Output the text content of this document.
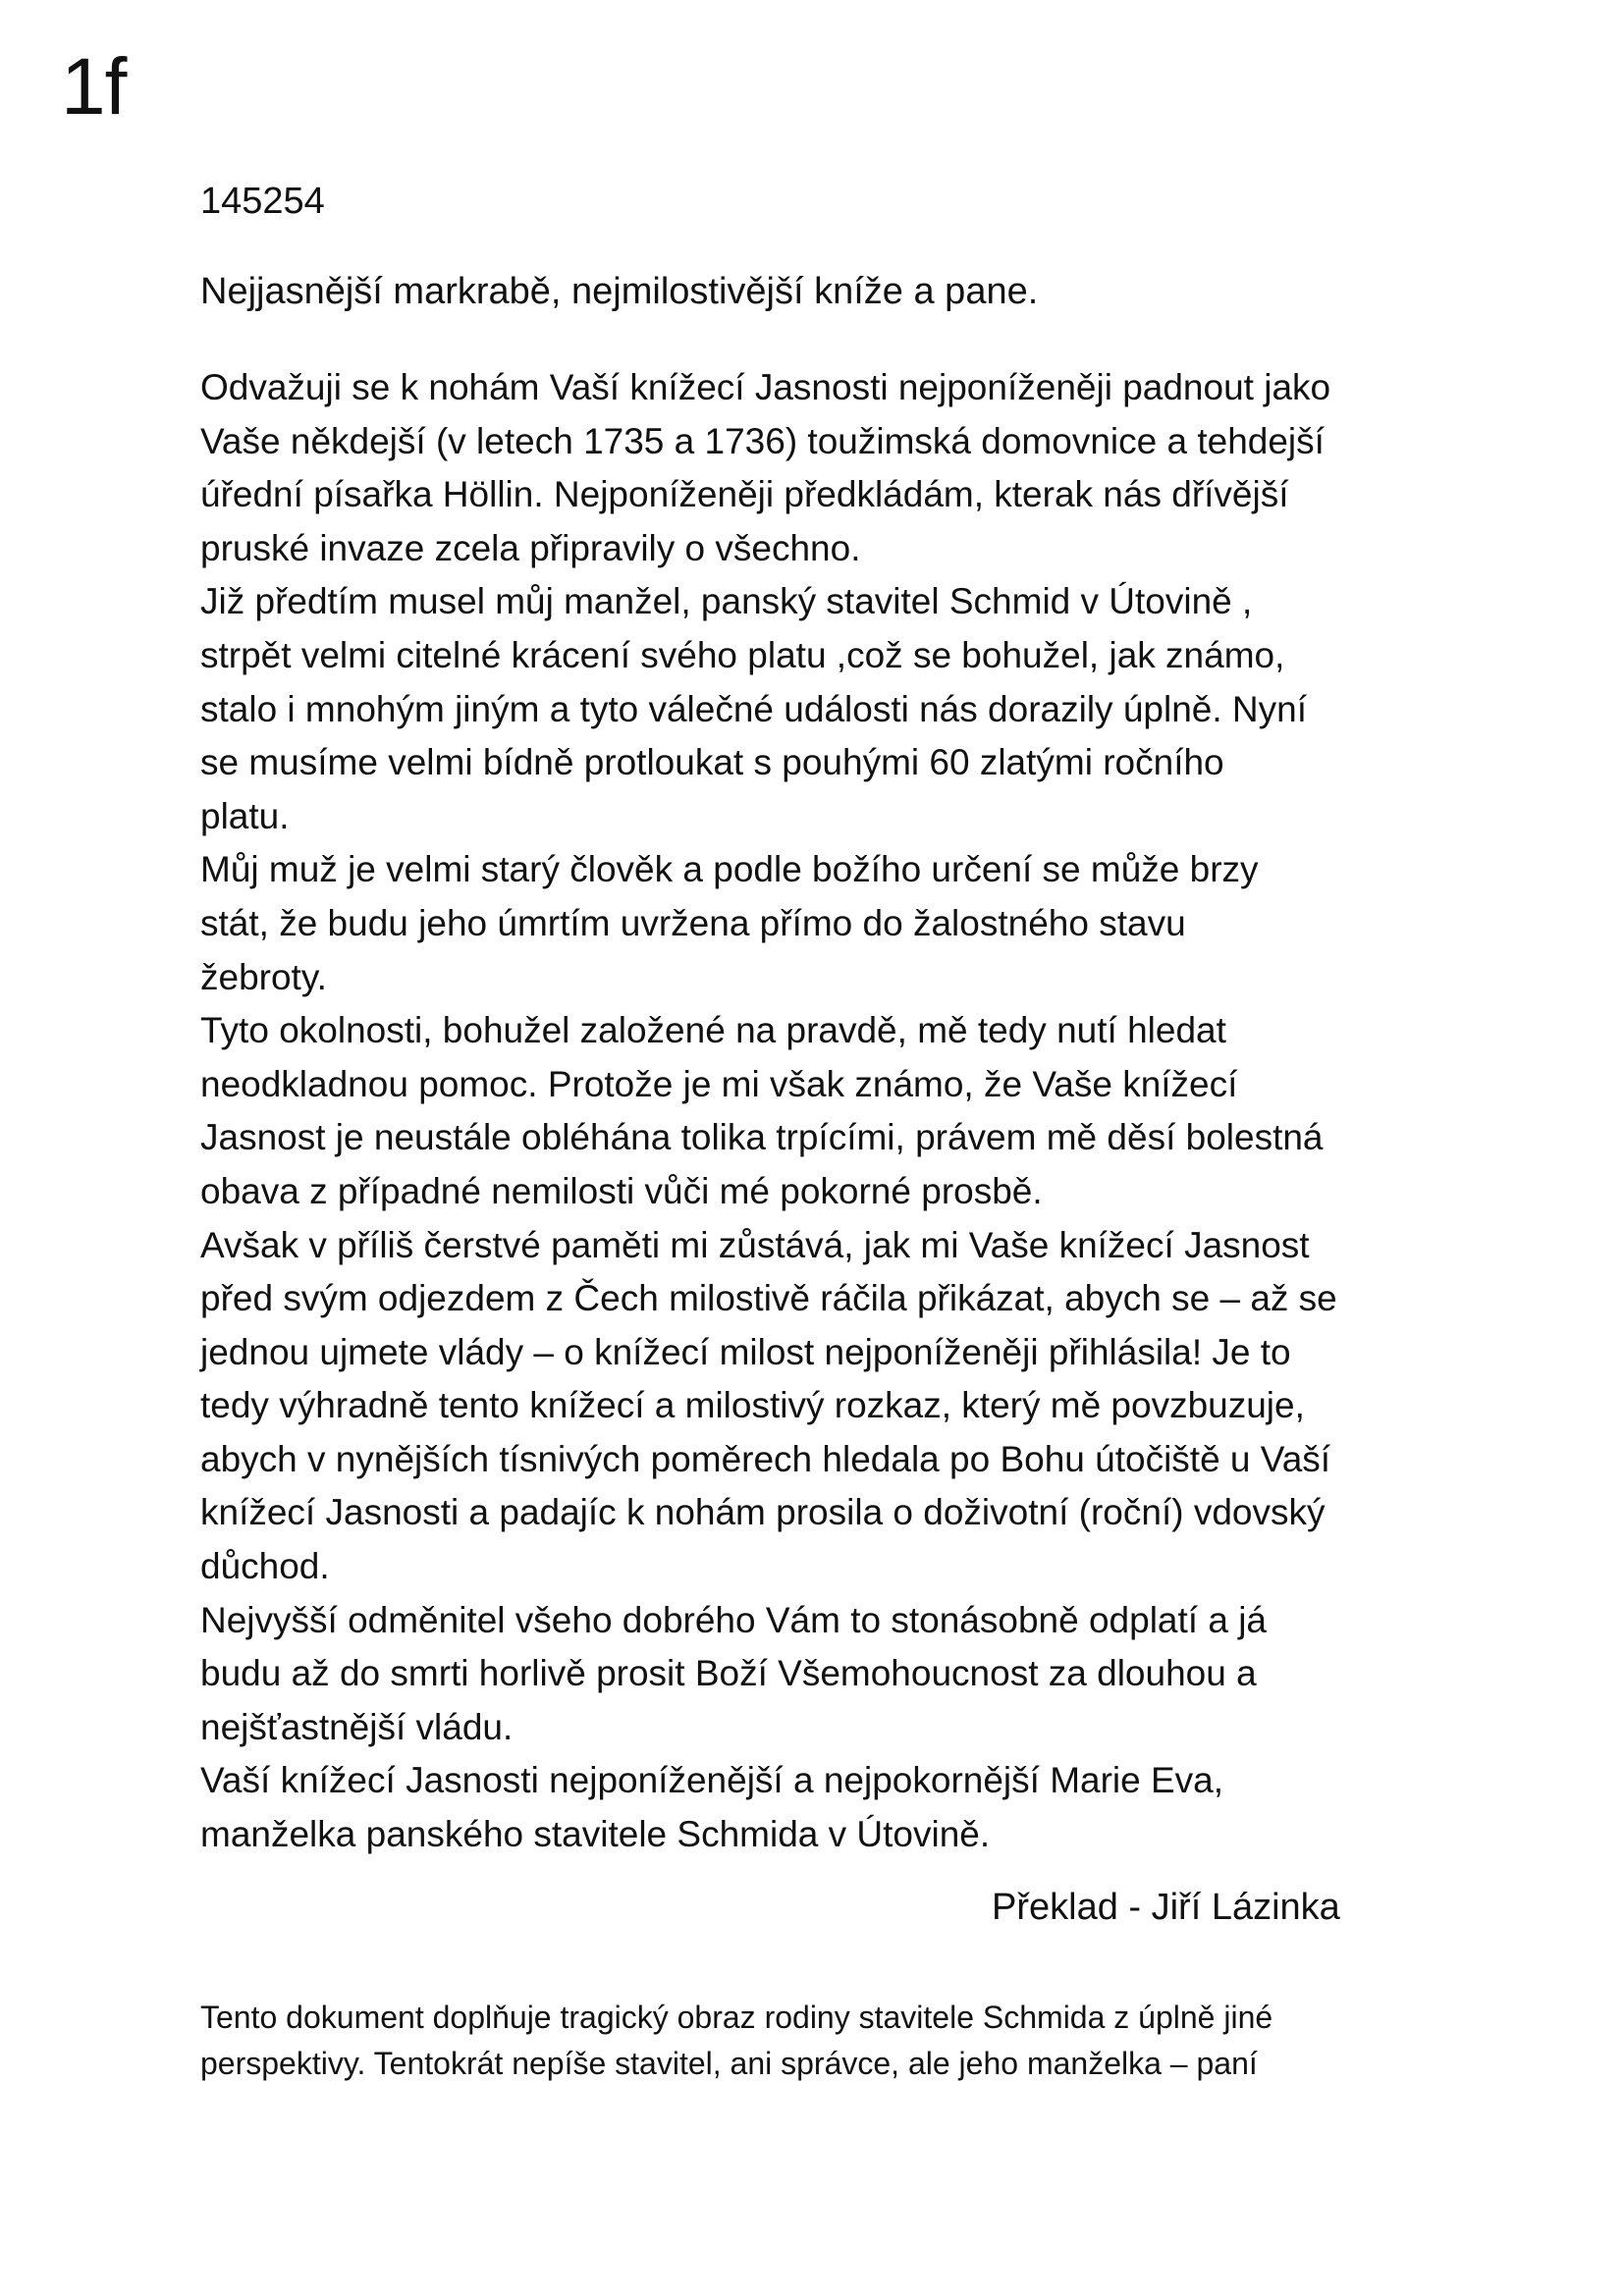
1f
145254
Nejjasnější markrabě, nejmilostivější kníže a pane.
Odvažuji se k nohám Vaší knížecí Jasnosti nejponíženěji padnout jako
Vaše někdejší (v letech 1735 a 1736) toužimská domovnice a tehdejší
úřední písařka Höllin. Nejponíženěji předkládám, kterak nás dřívější
pruské invaze zcela připravily o všechno.
Již předtím musel můj manžel, panský stavitel Schmid v Útovině ,
strpět velmi citelné krácení svého platu ,což se bohužel, jak známo,
stalo i mnohým jiným a tyto válečné události nás dorazily úplně. Nyní
se musíme velmi bídně protloukat s pouhými 60 zlatými ročního
platu.
Můj muž je velmi starý člověk a podle božího určení se může brzy
stát, že budu jeho úmrtím uvržena přímo do žalostného stavu
žebroty.
Tyto okolnosti, bohužel založené na pravdě, mě tedy nutí hledat
neodkladnou pomoc. Protože je mi však známo, že Vaše knížecí
Jasnost je neustále obléhána tolika trpícími, právem mě děsí bolestná
obava z případné nemilosti vůči mé pokorné prosbě.
Avšak v příliš čerstvé paměti mi zůstává, jak mi Vaše knížecí Jasnost
před svým odjezdem z Čech milostivě ráčila přikázat, abych se – až se
jednou ujmete vlády – o knížecí milost nejponíženěji přihlásila! Je to
tedy výhradně tento knížecí a milostivý rozkaz, který mě povzbuzuje,
abych v nynějších tísnivých poměrech hledala po Bohu útočiště u Vaší
knížecí Jasnosti a padajíc k nohám prosila o doživotní (roční) vdovský
důchod.
Nejvyšší odměnitel všeho dobrého Vám to stonásobně odplatí a já
budu až do smrti horlivě prosit Boží Všemohoucnost za dlouhou a
nejšťastnější vládu.
Vaší knížecí Jasnosti nejponíženější a nejpokornější Marie Eva,
manželka panského stavitele Schmida v Útovině.
Překlad - Jiří Lázinka
Tento dokument doplňuje tragický obraz rodiny stavitele Schmida z úplně jiné
perspektivy. Tentokrát nepíše stavitel, ani správce, ale jeho manželka – paní
